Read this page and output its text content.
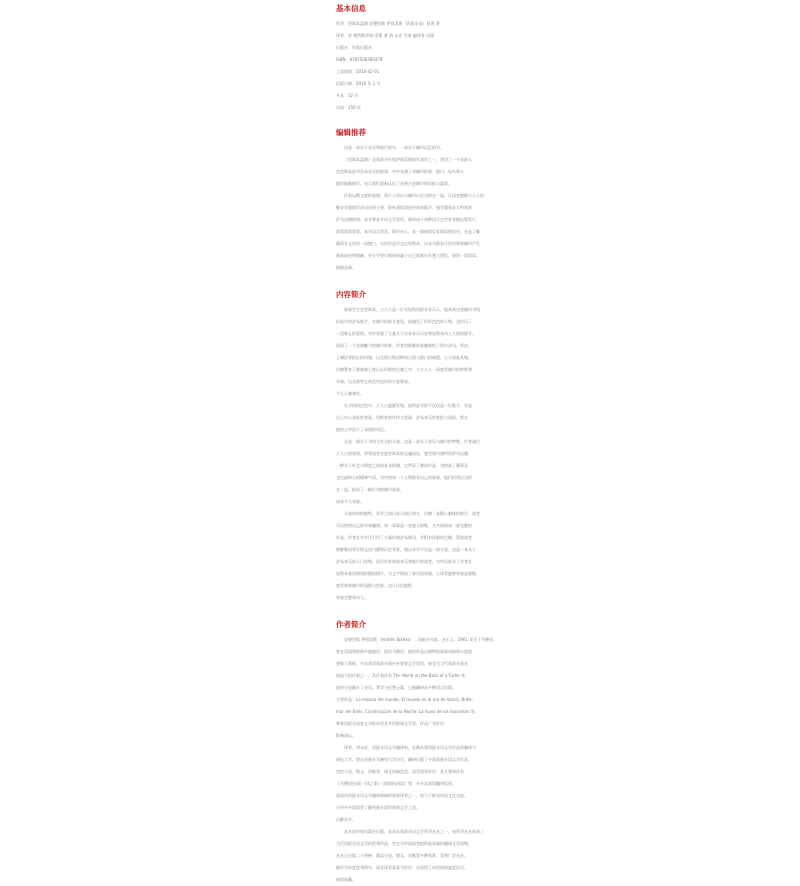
基本信息
作者：里斯本蓝调 安德烈斯 伊班涅斯（西班牙语）原著 著
译者：安 德烈斯伊班 涅斯 著 刘 永宏 学译 编译者 出版
出版社：作家出版社
ISBN：9787506385478
上架时间：2016-02-01
出版日期：2016 年 1 月
开本：32 开
页码：256 页
编辑推荐
这是一本关于音乐和旅行的书，一本关于城市记忆的书。
《里斯本蓝调》是西班牙作家伊班涅斯的代表作之一，讲述了一个年轻人
在里斯本追寻法朵音乐的故事，书中充满了对城市街巷、港口、电车和人
群的细腻描写，也让我们重新认识了这座古老城市的忧郁与温柔。
作者以散文般的笔调，将个人经历与城市历史交织在一起，让读者跟随主人公的
脚步穿越阿尔法玛区的小巷，聆听酒馆深处传来的歌声，感受葡萄牙人特有的
萨乌达德情绪。本书曾获多项文学奖项，被译成十余种语言在世界各地出版发行，
深受读者喜爱。本书语言优美，情节动人，是一部值得反复阅读的佳作，也是了解
葡萄牙文化的一扇窗口。无论你是否去过里斯本，这本书都会让你对那座城市产生
新的向往和理解，并在字里行间找到属于自己的那份乡愁与回忆，值得一读再读，
细细品味。
内容简介
故事发生在里斯本，主人公是一位年轻的西班牙音乐人，他来到这座城市寻找
传说中的法朵歌手，在城市的街头巷尾，他遇见了形形色色的人物，也经历了
一段难忘的爱情。书中穿插了大量关于法朵音乐历史和里斯本风土人情的描写，
展现了一个充满魅力的城市形象。作者用细腻的笔触描绘了阿尔法玛、拜沙、
上城区等街区的风貌，以及塔古斯河畔的日落与港口的喧嚣，让人如临其境，
仿佛置身于那座被七座山丘环抱的古城之中，与主人公一同感受城市的呼吸和
节奏，以及那些在夜色中流传的古老歌谣，
令人心驰神往。
在寻找的过程中，主人公逐渐发现，他所追寻的不仅仅是一位歌手，更是
自己内心深处的答案。里斯本的忧伤与美丽，法朵音乐的悲怆与深情，都在
他的心中留下了深刻的印记。
这是一部关于寻找与失去的小说，也是一部关于音乐与城市的赞歌。作者通过
主人公的视角，带领读者走进里斯本的灵魂深处，感受那份独特的萨乌达德，
一种介于怀念与渴望之间的复杂情感，它贯穿了整部作品，也构成了葡萄牙
文化最核心的精神气质。书中的每一个人物都有自己的故事，他们的命运交织
在一起，组成了一幅生动的城市画卷，
读来令人动容。
小说的结构独特，章节之间以音乐曲目命名，仿佛一张精心编排的唱片，读者
可以按照自己的节奏翻阅，每一章都是一首独立的歌，又共同构成一部完整的
作品。作者在书中还引用了大量经典法朵歌词，并附有详细的注释，帮助读者
理解歌词背后的文化内涵和历史背景，使这本书不仅是一部小说，也是一本关于
法朵音乐的入门读物，适合所有热爱音乐和旅行的读者。书中还收录了作者在
里斯本旅居期间拍摄的照片，为文字增添了真实的质感，让读者能够更加直观地
感受那座城市的氛围与色彩，也让这段旅程
更加完整和动人。
作者简介
安德烈斯 伊班涅斯（Andrés Ibáñez），西班牙作家、音乐人，1961 年生于马德里，
曾在美国和欧洲多地旅居，现居马德里。他的作品以独特的叙事风格和丰富的
想象力著称，多次获得西班牙国内外重要文学奖项，被誉为当代西班牙最具
创造力的作家之一。其代表作有 The World on the Back of a Turtle 等，
他的小说融合了音乐、哲学与幻想元素，已被翻译成多种语言出版。
主要作品：La música del mundo, El mundo en la era de Varick, Brilla,
mar del Edén, Construcción de la Noche, La lluvia de los inocentes 等，
曾获西班牙国家文学批评奖及多项欧洲文学奖，作品广受好评，
影响深远。
译者，刘永宏，西班牙语文学翻译家，长期从事西班牙语文学作品的翻译与
研究工作，曾在西班牙马德里大学访学，翻译出版了多部西班牙语文学作品，
包括小说、散文、诗歌等，译文流畅优美，深受读者好评，其主要译作有
《马德里往事》《风之影》《时间的河流》等，并多次获得翻译奖项，
是国内西班牙语文学翻译领域的重要译者之一，致力于推动中西文化交流，
让更多中国读者了解西班牙语世界的文学之美，
贡献良多。
本书由作家出版社出版，是该社西班牙语文学系列丛书之一，该系列丛书收录了
当代西班牙语文学的优秀作品，旨在为中国读者提供高质量的翻译文学读物，
丛书已出版二十余种，涵盖小说、散文、诗歌等多种体裁，受到广泛关注，
被评为年度优秀图书，深受读者喜爱与好评，也获得了评论界的高度认可，
值得收藏。
